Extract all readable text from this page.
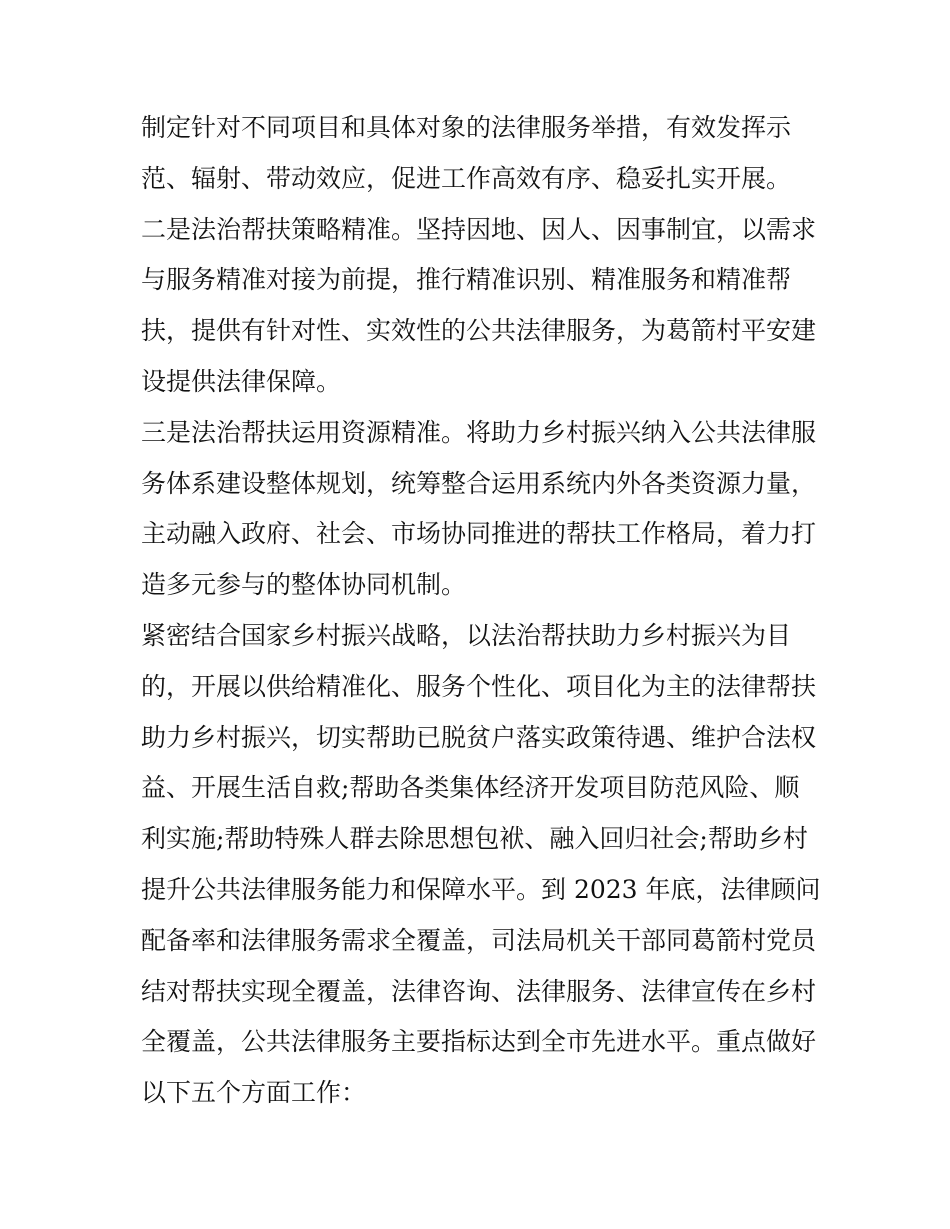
制定针对不同项目和具体对象的法律服务举措，有效发挥示
范、辐射、带动效应，促进工作高效有序、稳妥扎实开展。
二是法治帮扶策略精准。坚持因地、因人、因事制宜，以需求
与服务精准对接为前提，推行精准识别、精准服务和精准帮
扶，提供有针对性、实效性的公共法律服务，为葛箭村平安建
设提供法律保障。
三是法治帮扶运用资源精准。将助力乡村振兴纳入公共法律服
务体系建设整体规划，统筹整合运用系统内外各类资源力量，
主动融入政府、社会、市场协同推进的帮扶工作格局，着力打
造多元参与的整体协同机制。
紧密结合国家乡村振兴战略，以法治帮扶助力乡村振兴为目
的，开展以供给精准化、服务个性化、项目化为主的法律帮扶
助力乡村振兴，切实帮助已脱贫户落实政策待遇、维护合法权
益、开展生活自救;帮助各类集体经济开发项目防范风险、顺
利实施;帮助特殊人群去除思想包袱、融入回归社会;帮助乡村
提升公共法律服务能力和保障水平。到 2023 年底，法律顾问
配备率和法律服务需求全覆盖，司法局机关干部同葛箭村党员
结对帮扶实现全覆盖，法律咨询、法律服务、法律宣传在乡村
全覆盖，公共法律服务主要指标达到全市先进水平。重点做好
以下五个方面工作：
